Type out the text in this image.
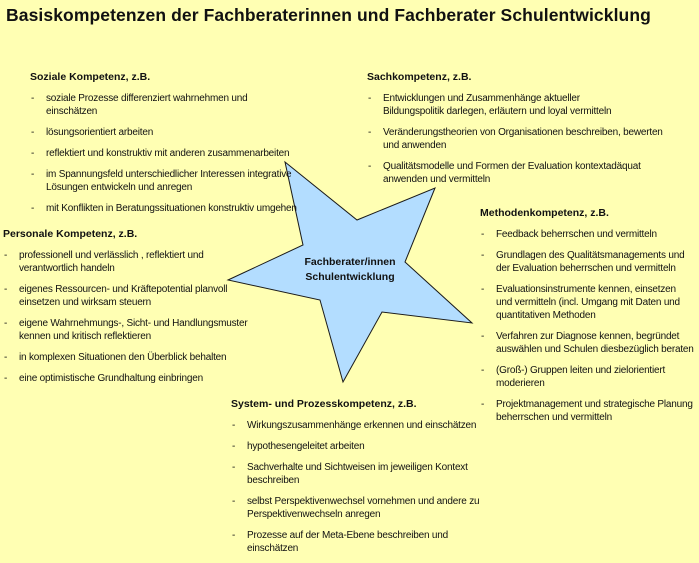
Basiskompetenzen der Fachberaterinnen und Fachberater Schulentwicklung
Fachberater/innen
Schulentwicklung
Soziale Kompetenz, z.B.
- soziale Prozesse differenziert wahrnehmen und einschätzen
- lösungsorientiert arbeiten
- reflektiert und konstruktiv mit anderen zusammenarbeiten
- im Spannungsfeld unterschiedlicher Interessen integrative Lösungen entwickeln und anregen
- mit Konflikten in Beratungssituationen konstruktiv umgehen
Sachkompetenz, z.B.
- Entwicklungen und Zusammenhänge aktueller Bildungspolitik darlegen, erläutern und loyal vermitteln
- Veränderungstheorien von Organisationen beschreiben, bewerten und anwenden
- Qualitätsmodelle und Formen der Evaluation kontextadäquat anwenden und vermitteln
Personale Kompetenz, z.B.
- professionell und verlässlich , reflektiert und verantwortlich handeln
- eigenes Ressourcen- und Kräftepotential planvoll einsetzen und wirksam steuern
- eigene Wahrnehmungs-, Sicht- und Handlungsmuster kennen und kritisch reflektieren
- in komplexen Situationen den Überblick behalten
- eine optimistische Grundhaltung einbringen
Methodenkompetenz, z.B.
- Feedback beherrschen und vermitteln
- Grundlagen des Qualitätsmanagements und der Evaluation beherrschen und vermitteln
- Evaluationsinstrumente kennen, einsetzen und vermitteln (incl. Umgang mit Daten und quantitativen Methoden
- Verfahren zur Diagnose kennen, begründet auswählen und Schulen diesbezüglich beraten
- (Groß-) Gruppen leiten und zielorientiert moderieren
- Projektmanagement und strategische Planung beherrschen und vermitteln
System- und Prozesskompetenz, z.B.
- Wirkungszusammenhänge erkennen und einschätzen
- hypothesengeleitet arbeiten
- Sachverhalte und Sichtweisen im jeweiligen Kontext beschreiben
- selbst Perspektivenwechsel vornehmen und andere zu Perspektivenwechseln anregen
- Prozesse auf der Meta-Ebene beschreiben und einschätzen
